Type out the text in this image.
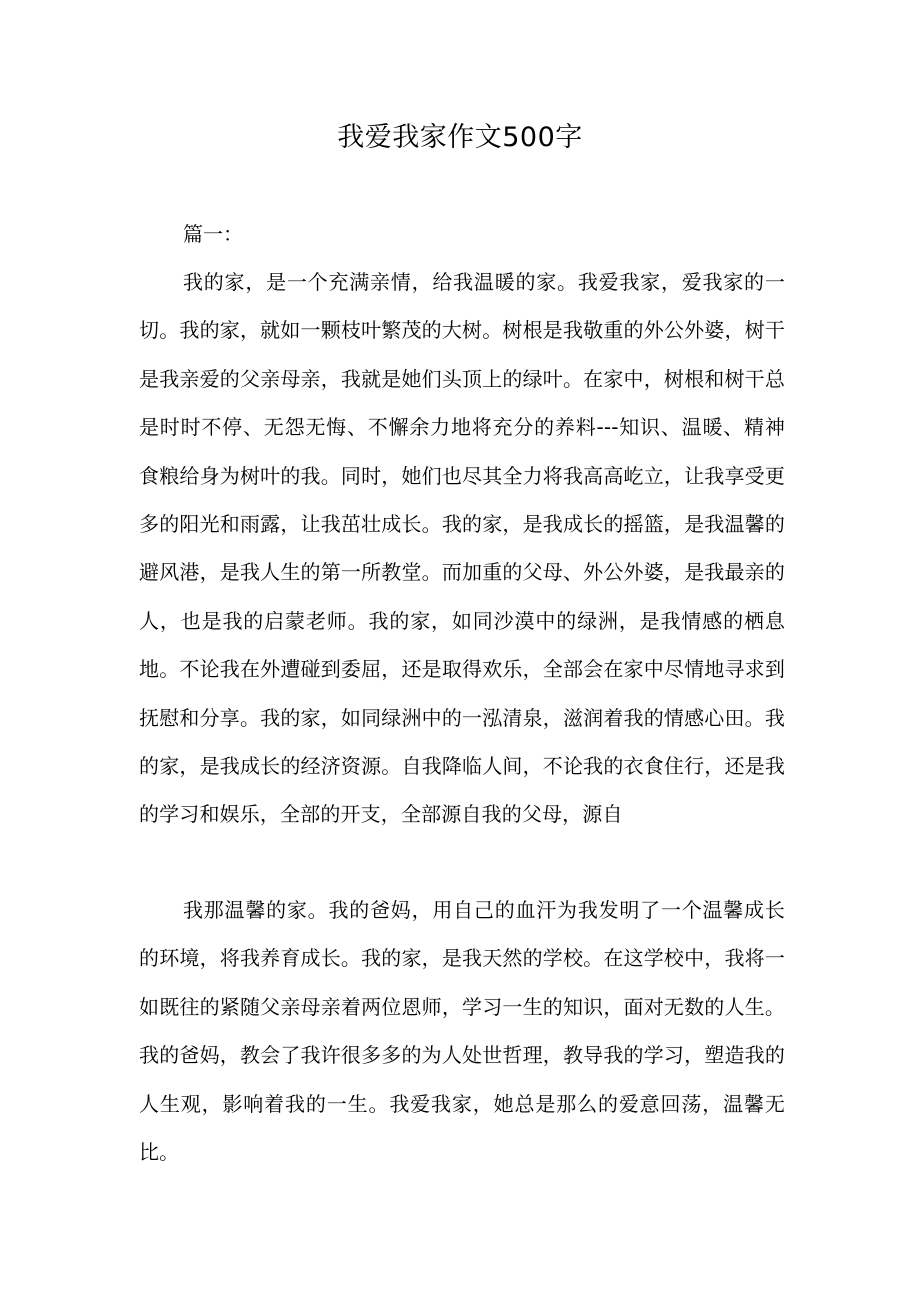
我爱我家作文500字

篇一：

我的家，是一个充满亲情，给我温暖的家。我爱我家，爱我家的一切。我的家，就如一颗枝叶繁茂的大树。树根是我敬重的外公外婆，树干是我亲爱的父亲母亲，我就是她们头顶上的绿叶。在家中，树根和树干总是时时不停、无怨无悔、不懈余力地将充分的养料---知识、温暖、精神食粮给身为树叶的我。同时，她们也尽其全力将我高高屹立，让我享受更多的阳光和雨露，让我茁壮成长。我的家，是我成长的摇篮，是我温馨的避风港，是我人生的第一所教堂。而加重的父母、外公外婆，是我最亲的人，也是我的启蒙老师。我的家，如同沙漠中的绿洲，是我情感的栖息地。不论我在外遭碰到委屈，还是取得欢乐，全部会在家中尽情地寻求到抚慰和分享。我的家，如同绿洲中的一泓清泉，滋润着我的情感心田。我的家，是我成长的经济资源。自我降临人间，不论我的衣食住行，还是我的学习和娱乐，全部的开支，全部源自我的父母，源自

我那温馨的家。我的爸妈，用自己的血汗为我发明了一个温馨成长的环境，将我养育成长。我的家，是我天然的学校。在这学校中，我将一如既往的紧随父亲母亲着两位恩师，学习一生的知识，面对无数的人生。我的爸妈，教会了我许很多多的为人处世哲理，教导我的学习，塑造我的人生观，影响着我的一生。我爱我家，她总是那么的爱意回荡，温馨无比。
